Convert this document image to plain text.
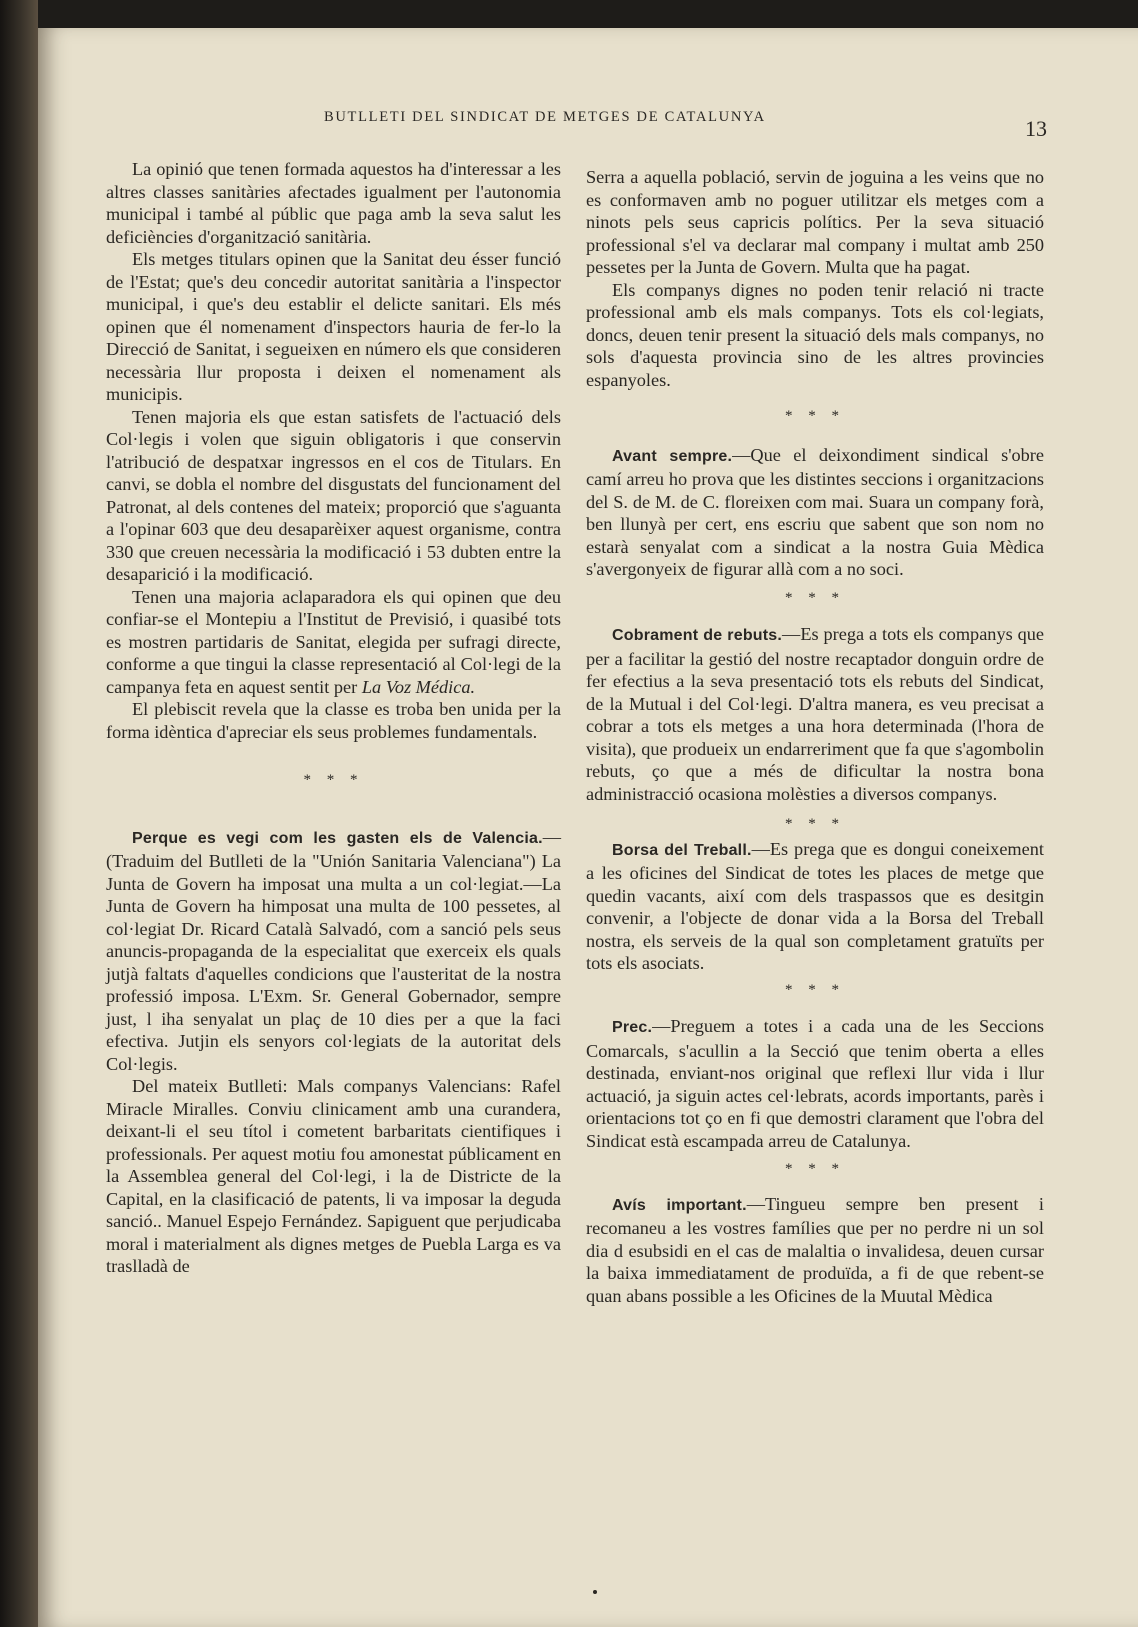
BUTLLETI DEL SINDICAT DE METGES DE CATALUNYA	13

La opinió que tenen formada aquestos ha d'interessar a les altres classes sanitàries afectades igualment per l'autonomia municipal i també al públic que paga amb la seva salut les deficiències d'organització sanitària.

Els metges titulars opinen que la Sanitat deu ésser funció de l'Estat; que's deu concedir autoritat sanitària a l'inspector municipal, i que's deu establir el delicte sanitari. Els més opinen que él nomenament d'inspectors hauria de fer-lo la Direcció de Sanitat, i segueixen en número els que consideren necessària llur proposta i deixen el nomenament als municipis.

Tenen majoria els que estan satisfets de l'actuació dels Col·legis i volen que siguin obligatoris i que conservin l'atribució de despatxar ingressos en el cos de Titulars. En canvi, se dobla el nombre del disgustats del funcionament del Patronat, al dels contenes del mateix; proporció que s'aguanta a l'opinar 603 que deu desaparèixer aquest organisme, contra 330 que creuen necessària la modificació i 53 dubten entre la desaparició i la modificació.

Tenen una majoria aclaparadora els qui opinen que deu confiar-se el Montepiu a l'Institut de Previsió, i quasibé tots es mostren partidaris de Sanitat, elegida per sufragi directe, conforme a que tingui la classe representació al Col·legi de la campanya feta en aquest sentit per La Voz Médica.

El plebiscit revela que la classe es troba ben unida per la forma idèntica d'apreciar els seus problemes fundamentals.

* * *

Perque es vegi com les gasten els de Valencia.—(Traduim del Butlleti de la "Unión Sanitaria Valenciana") La Junta de Govern ha imposat una multa a un col·legiat.—La Junta de Govern ha himposat una multa de 100 pessetes, al col·legiat Dr. Ricard Català Salvadó, com a sanció pels seus anuncis-propaganda de la especialitat que exerceix els quals jutjà faltats d'aquelles condicions que l'austeritat de la nostra professió imposa. L'Exm. Sr. General Gobernador, sempre just, l iha senyalat un plaç de 10 dies per a que la faci efectiva. Jutjin els senyors col·legiats de la autoritat dels Col·legis.

Del mateix Butlleti: Mals companys Valencians: Rafel Miracle Miralles. Conviu clinicament amb una curandera, deixant-li el seu títol i cometent barbaritats cientifiques i professionals. Per aquest motiu fou amonestat públicament en la Assemblea general del Col·legi, i la de Districte de la Capital, en la clasificació de patents, li va imposar la deguda sanció.. Manuel Espejo Fernández. Sapiguent que perjudicaba moral i materialment als dignes metges de Puebla Larga es va traslladà de

Serra a aquella població, servin de joguina a les veins que no es conformaven amb no poguer utilitzar els metges com a ninots pels seus capricis polítics. Per la seva situació professional s'el va declarar mal company i multat amb 250 pessetes per la Junta de Govern. Multa que ha pagat.

Els companys dignes no poden tenir relació ni tracte professional amb els mals companys. Tots els col·legiats, doncs, deuen tenir present la situació dels mals companys, no sols d'aquesta provincia sino de les altres provincies espanyoles.

* * *

Avant sempre.—Que el deixondiment sindical s'obre camí arreu ho prova que les distintes seccions i organitzacions del S. de M. de C. floreixen com mai. Suara un company forà, ben llunyà per cert, ens escriu que sabent que son nom no estarà senyalat com a sindicat a la nostra Guia Mèdica s'avergonyeix de figurar allà com a no soci.

* * *

Cobrament de rebuts.—Es prega a tots els companys que per a facilitar la gestió del nostre recaptador donguin ordre de fer efectius a la seva presentació tots els rebuts del Sindicat, de la Mutual i del Col·legi. D'altra manera, es veu precisat a cobrar a tots els metges a una hora determinada (l'hora de visita), que produeix un endarreriment que fa que s'agombolin rebuts, ço que a més de dificultar la nostra bona administracció ocasiona molèsties a diversos companys.

* * *

Borsa del Treball.—Es prega que es dongui coneixement a les oficines del Sindicat de totes les places de metge que quedin vacants, així com dels traspassos que es desitgin convenir, a l'objecte de donar vida a la Borsa del Treball nostra, els serveis de la qual son completament gratuïts per tots els asociats.

* * *

Prec.—Preguem a totes i a cada una de les Seccions Comarcals, s'acullin a la Secció que tenim oberta a elles destinada, enviant-nos original que reflexi llur vida i llur actuació, ja siguin actes cel·lebrats, acords importants, parès i orientacions tot ço en fi que demostri clarament que l'obra del Sindicat està escampada arreu de Catalunya.

* * *

Avís important.—Tingueu sempre ben present i recomaneu a les vostres famílies que per no perdre ni un sol dia d esubsidi en el cas de malaltia o invalidesa, deuen cursar la baixa immediatament de produïda, a fi de que rebent-se quan abans possible a les Oficines de la Muutal Mèdica
